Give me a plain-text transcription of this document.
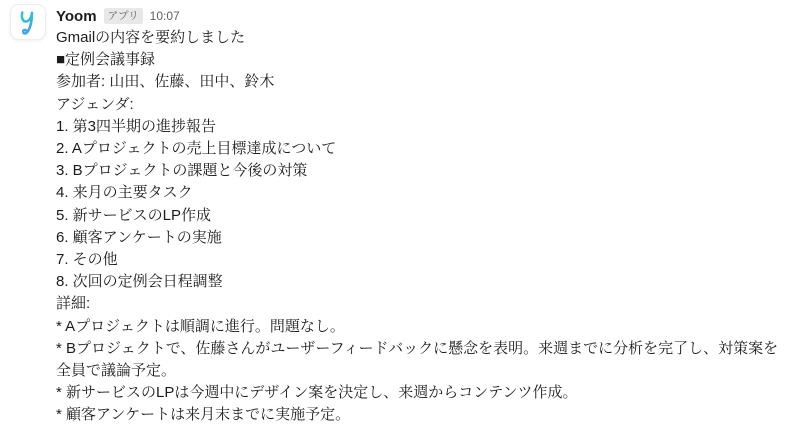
Yoom	アプリ 10:07
Gmailの内容を要約しました
■定例会議事録
参加者: 山田、佐藤、田中、鈴木
アジェンダ:
1. 第3四半期の進捗報告
2. Aプロジェクトの売上目標達成について
3. Bプロジェクトの課題と今後の対策
4. 来月の主要タスク
5. 新サービスのLP作成
6. 顧客アンケートの実施
7. その他
8. 次回の定例会日程調整
詳細:
* Aプロジェクトは順調に進行。問題なし。
* Bプロジェクトで、佐藤さんがユーザーフィードバックに懸念を表明。来週までに分析を完了し、対策案を全員で議論予定。
* 新サービスのLPは今週中にデザイン案を決定し、来週からコンテンツ作成。
* 顧客アンケートは来月末までに実施予定。
